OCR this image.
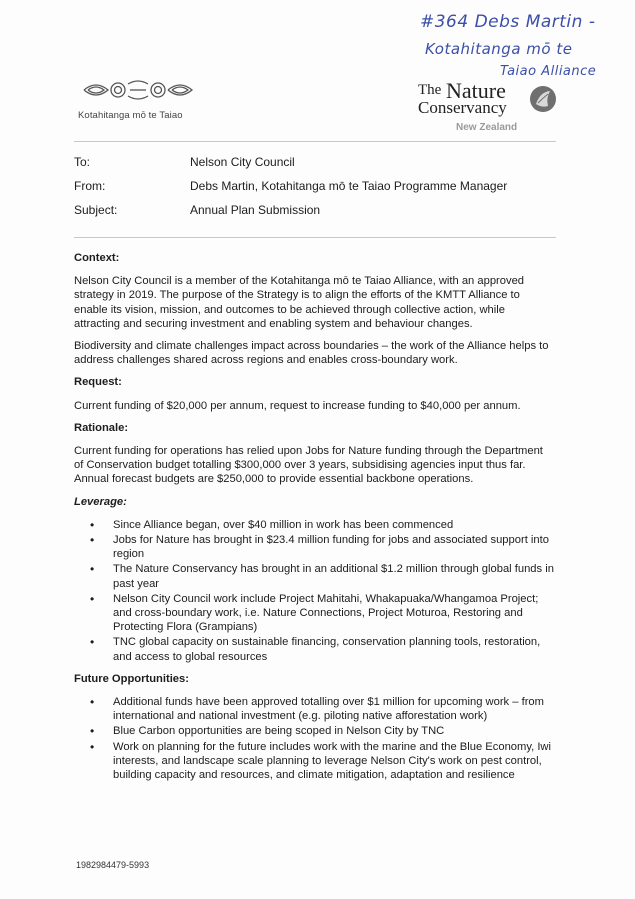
#364 Debs Martin -
Kotahitanga mō te
Taiao Alliance
Kotahitanga mō te Taiao
The Nature
Conservancy
New Zealand
To:	Nelson City Council
From:	Debs Martin, Kotahitanga mō te Taiao Programme Manager
Subject:	Annual Plan Submission
Context:
Nelson City Council is a member of the Kotahitanga mō te Taiao Alliance, with an approved strategy in 2019. The purpose of the Strategy is to align the efforts of the KMTT Alliance to enable its vision, mission, and outcomes to be achieved through collective action, while attracting and securing investment and enabling system and behaviour changes.
Biodiversity and climate challenges impact across boundaries – the work of the Alliance helps to address challenges shared across regions and enables cross-boundary work.
Request:
Current funding of $20,000 per annum, request to increase funding to $40,000 per annum.
Rationale:
Current funding for operations has relied upon Jobs for Nature funding through the Department of Conservation budget totalling $300,000 over 3 years, subsidising agencies input thus far. Annual forecast budgets are $250,000 to provide essential backbone operations.
Leverage:
• Since Alliance began, over $40 million in work has been commenced
• Jobs for Nature has brought in $23.4 million funding for jobs and associated support into region
• The Nature Conservancy has brought in an additional $1.2 million through global funds in past year
• Nelson City Council work include Project Mahitahi, Whakapuaka/Whangamoa Project; and cross-boundary work, i.e. Nature Connections, Project Moturoa, Restoring and Protecting Flora (Grampians)
• TNC global capacity on sustainable financing, conservation planning tools, restoration, and access to global resources
Future Opportunities:
• Additional funds have been approved totalling over $1 million for upcoming work – from international and national investment (e.g. piloting native afforestation work)
• Blue Carbon opportunities are being scoped in Nelson City by TNC
• Work on planning for the future includes work with the marine and the Blue Economy, Iwi interests, and landscape scale planning to leverage Nelson City's work on pest control, building capacity and resources, and climate mitigation, adaptation and resilience
1982984479-5993
